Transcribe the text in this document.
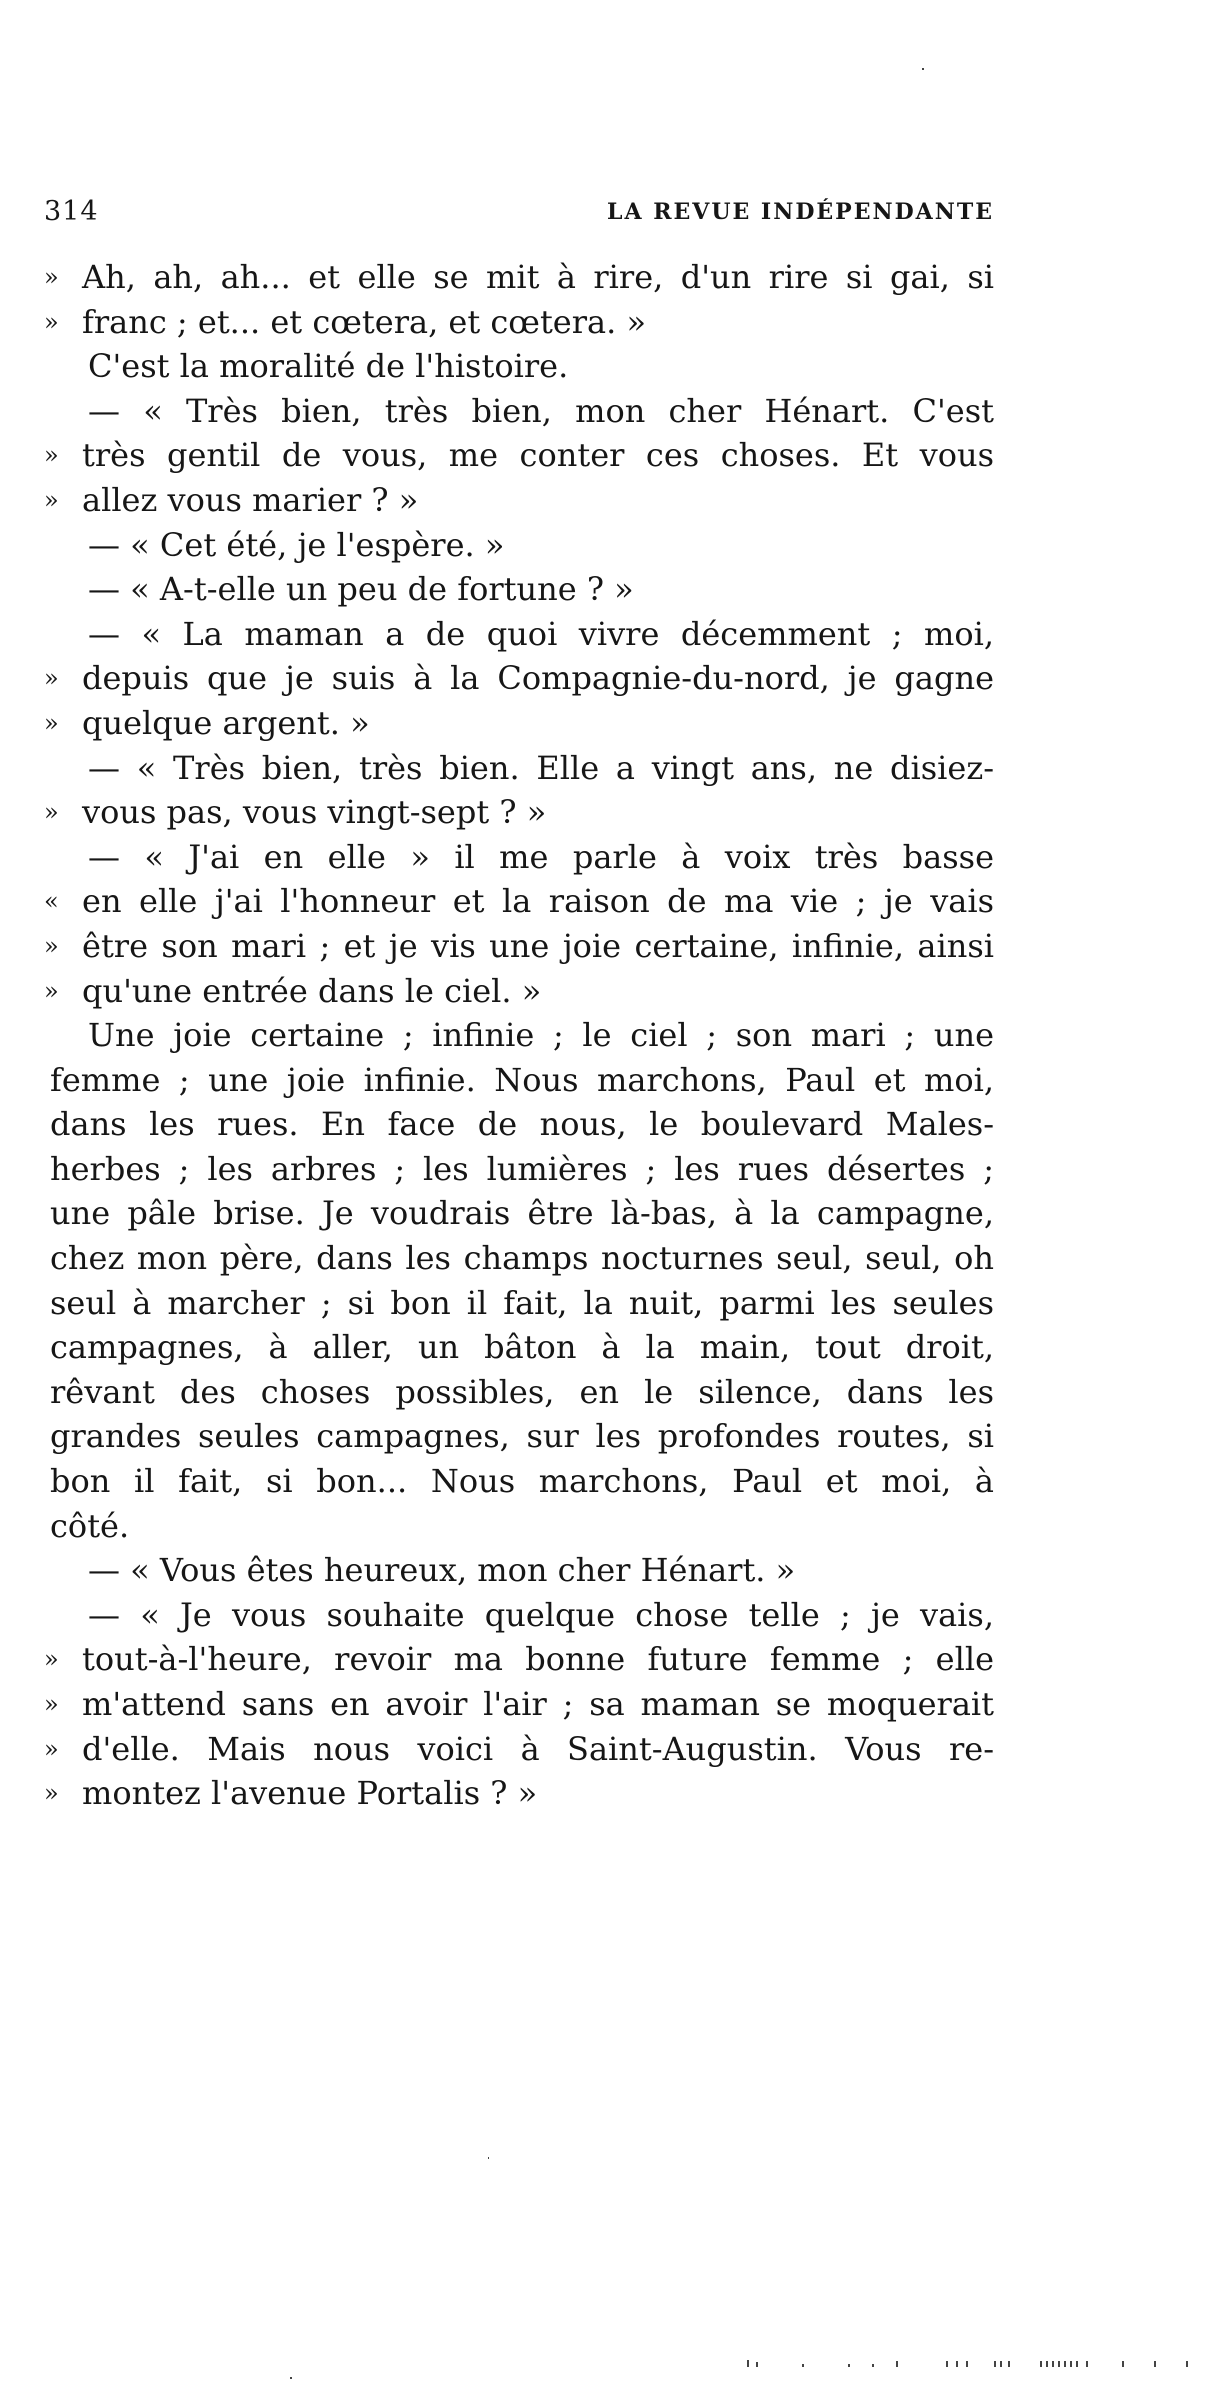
314	LA REVUE INDÉPENDANTE
» Ah, ah, ah... et elle se mit à rire, d'un rire si gai, si
» franc ; et... et cœtera, et cœtera. »
C'est la moralité de l'histoire.
— « Très bien, très bien, mon cher Hénart. C'est
» très gentil de vous, me conter ces choses. Et vous
» allez vous marier ? »
— « Cet été, je l'espère. »
— « A-t-elle un peu de fortune ? »
— « La maman a de quoi vivre décemment ; moi,
» depuis que je suis à la Compagnie-du-nord, je gagne
» quelque argent. »
— « Très bien, très bien. Elle a vingt ans, ne disiez-
» vous pas, vous vingt-sept ? »
— « J'ai en elle » il me parle à voix très basse
« en elle j'ai l'honneur et la raison de ma vie ; je vais
» être son mari ; et je vis une joie certaine, infinie, ainsi
» qu'une entrée dans le ciel. »
Une joie certaine ; infinie ; le ciel ; son mari ; une
femme ; une joie infinie. Nous marchons, Paul et moi,
dans les rues. En face de nous, le boulevard Males-
herbes ; les arbres ; les lumières ; les rues désertes ;
une pâle brise. Je voudrais être là-bas, à la campagne,
chez mon père, dans les champs nocturnes seul, seul, oh
seul à marcher ; si bon il fait, la nuit, parmi les seules
campagnes, à aller, un bâton à la main, tout droit,
rêvant des choses possibles, en le silence, dans les
grandes seules campagnes, sur les profondes routes, si
bon il fait, si bon... Nous marchons, Paul et moi, à
côté.
— « Vous êtes heureux, mon cher Hénart. »
— « Je vous souhaite quelque chose telle ; je vais,
» tout-à-l'heure, revoir ma bonne future femme ; elle
» m'attend sans en avoir l'air ; sa maman se moquerait
» d'elle. Mais nous voici à Saint-Augustin. Vous re-
» montez l'avenue Portalis ? »
